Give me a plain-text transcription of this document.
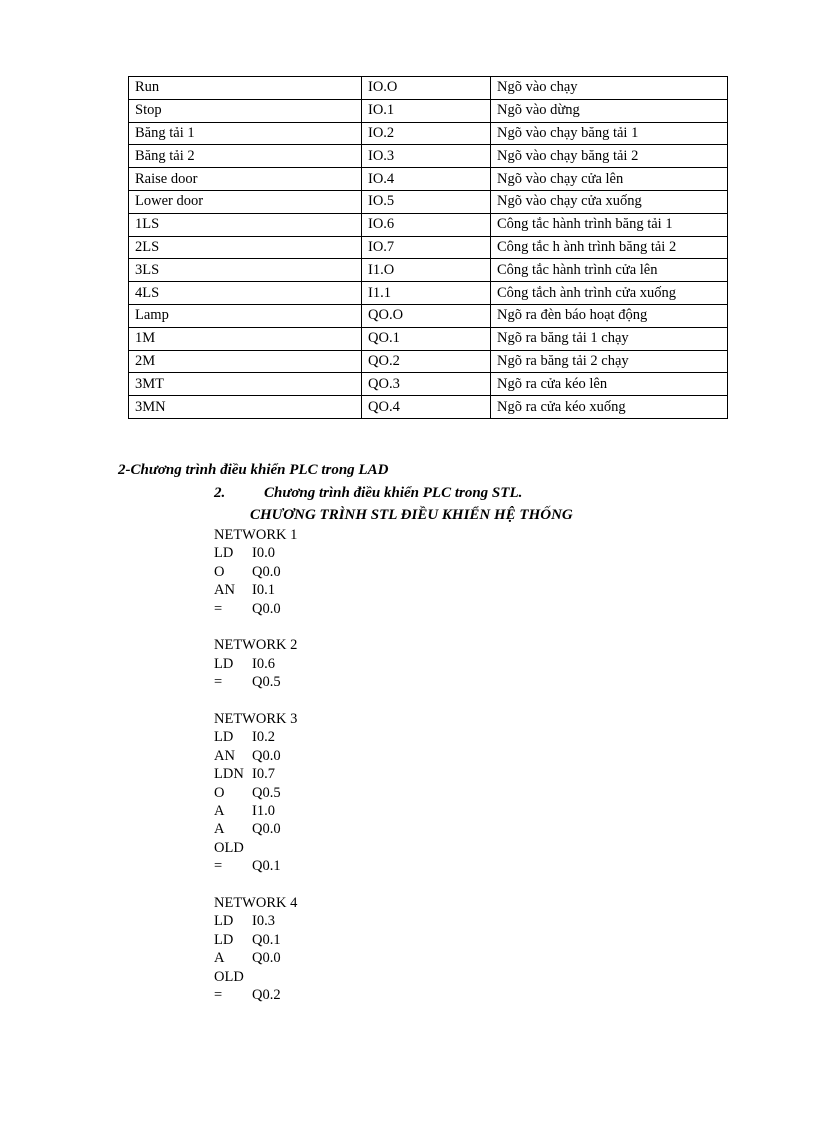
Run	IO.O	Ngõ vào chạy
Stop	IO.1	Ngõ vào dừng
Băng tải 1	IO.2	Ngõ vào chạy băng tải 1
Băng tải 2	IO.3	Ngõ vào chạy băng tải 2
Raise door	IO.4	Ngõ vào chạy cửa lên
Lower door	IO.5	Ngõ vào chạy cửa xuống
1LS	IO.6	Công tắc hành trình băng tải 1
2LS	IO.7	Công tắc h ành trình băng tải 2
3LS	I1.O	Công tắc hành trình cửa lên
4LS	I1.1	Công tắch ành trình cửa xuống
Lamp	QO.O	Ngõ ra đèn báo hoạt động
1M	QO.1	Ngõ ra băng tải 1 chạy
2M	QO.2	Ngõ ra băng tải 2 chạy
3MT	QO.3	Ngõ ra cửa kéo lên
3MN	QO.4	Ngõ ra cửa kéo xuống

2-Chương trình điều khiển PLC trong LAD

2.	Chương trình điều khiển PLC trong STL.

CHƯƠNG TRÌNH STL ĐIỀU KHIỂN HỆ THỐNG

NETWORK 1
LD I0.0
O Q0.0
AN I0.1
= Q0.0
NETWORK 2
LD I0.6
= Q0.5
NETWORK 3
LD I0.2
AN Q0.0
LDN I0.7
O Q0.5
A I1.0
A Q0.0
OLD
= Q0.1
NETWORK 4
LD I0.3
LD Q0.1
A Q0.0
OLD
= Q0.2
